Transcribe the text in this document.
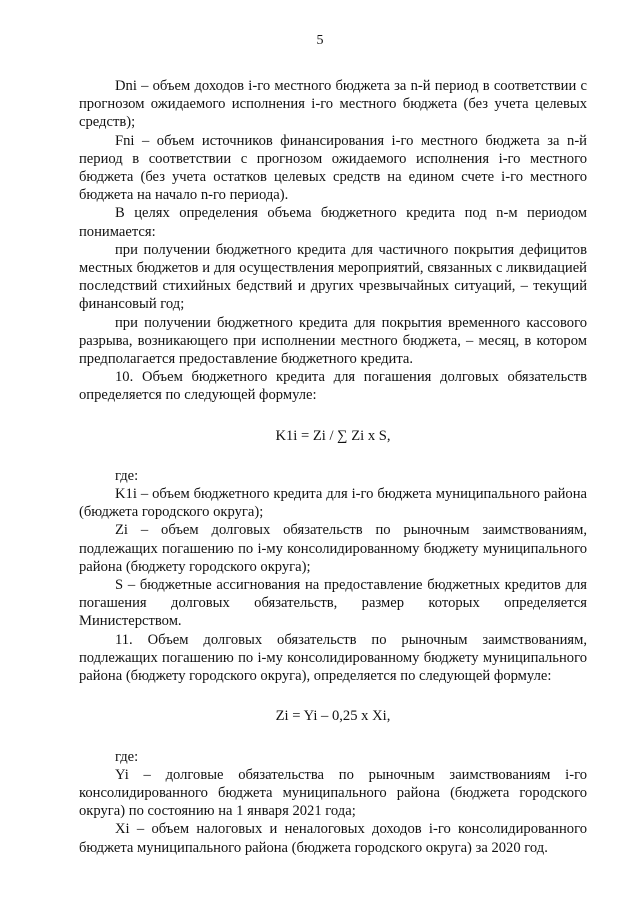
5

Dni – объем доходов i-го местного бюджета за n-й период в соответствии с прогнозом ожидаемого исполнения i-го местного бюджета (без учета целевых средств);

Fni – объем источников финансирования i-го местного бюджета за n-й период в соответствии с прогнозом ожидаемого исполнения i-го местного бюджета (без учета остатков целевых средств на едином счете i-го местного бюджета на начало n-го периода).

В целях определения объема бюджетного кредита под n-м периодом понимается:

при получении бюджетного кредита для частичного покрытия дефицитов местных бюджетов и для осуществления мероприятий, связанных с ликвидацией последствий стихийных бедствий и других чрезвычайных ситуаций, – текущий финансовый год;

при получении бюджетного кредита для покрытия временного кассового разрыва, возникающего при исполнении местного бюджета, – месяц, в котором предполагается предоставление бюджетного кредита.

10. Объем бюджетного кредита для погашения долговых обязательств определяется по следующей формуле:

K1i = Zi / ∑ Zi x S,

где:

K1i – объем бюджетного кредита для i-го бюджета муниципального района (бюджета городского округа);

Zi – объем долговых обязательств по рыночным заимствованиям, подлежащих погашению по i-му консолидированному бюджету муниципального района (бюджету городского округа);

S – бюджетные ассигнования на предоставление бюджетных кредитов для погашения долговых обязательств, размер которых определяется Министерством.

11. Объем долговых обязательств по рыночным заимствованиям, подлежащих погашению по i-му консолидированному бюджету муниципального района (бюджету городского округа), определяется по следующей формуле:

Zi = Yi – 0,25 x Xi,

где:

Yi – долговые обязательства по рыночным заимствованиям i-го консолидированного бюджета муниципального района (бюджета городского округа) по состоянию на 1 января 2021 года;

Xi – объем налоговых и неналоговых доходов i-го консолидированного бюджета муниципального района (бюджета городского округа) за 2020 год.
